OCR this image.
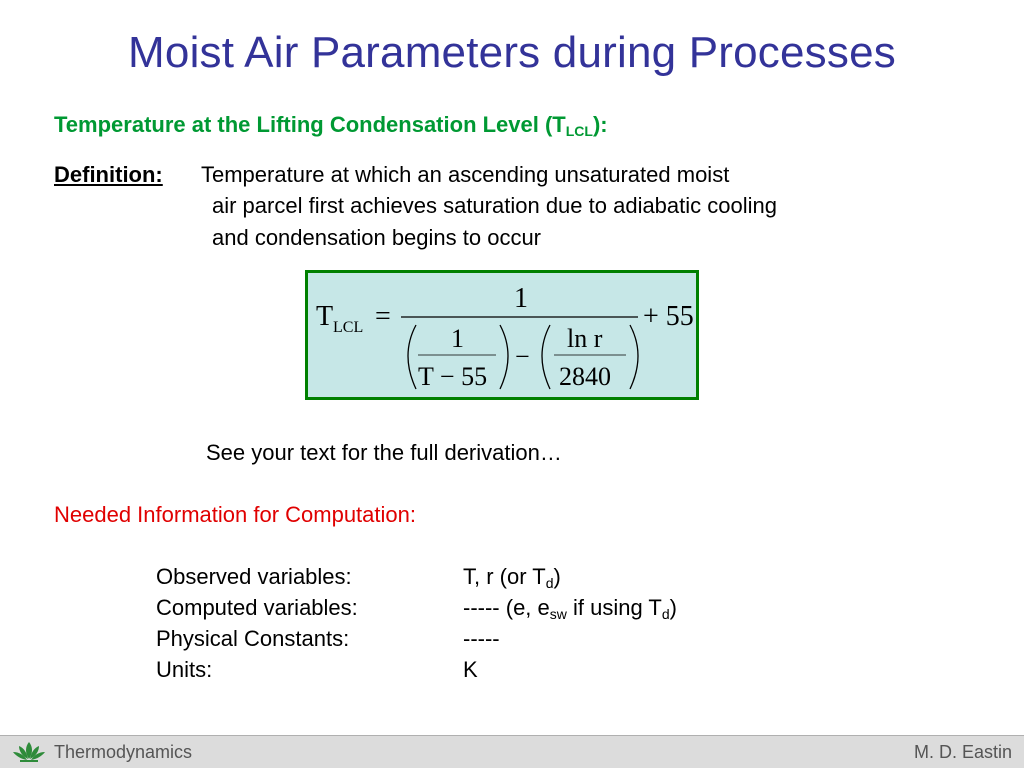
Moist Air Parameters during Processes
Temperature at the Lifting Condensation Level $(T_{LCL})$:
Definition: Temperature at which an ascending unsaturated moist
air parcel first achieves saturation due to adiabatic cooling
and condensation begins to occur
T LCL =
1
1
T − 55
−
ln r
2840
+ 55
See your text for the full derivation…
Needed Information for Computation:
Observed variables:	T, r (or $T_d$)
Computed variables:	----- (e, $e_{sw}$ if using $T_d$)
Physical Constants:	-----
Units:	K
Thermodynamics	M. D. Eastin
